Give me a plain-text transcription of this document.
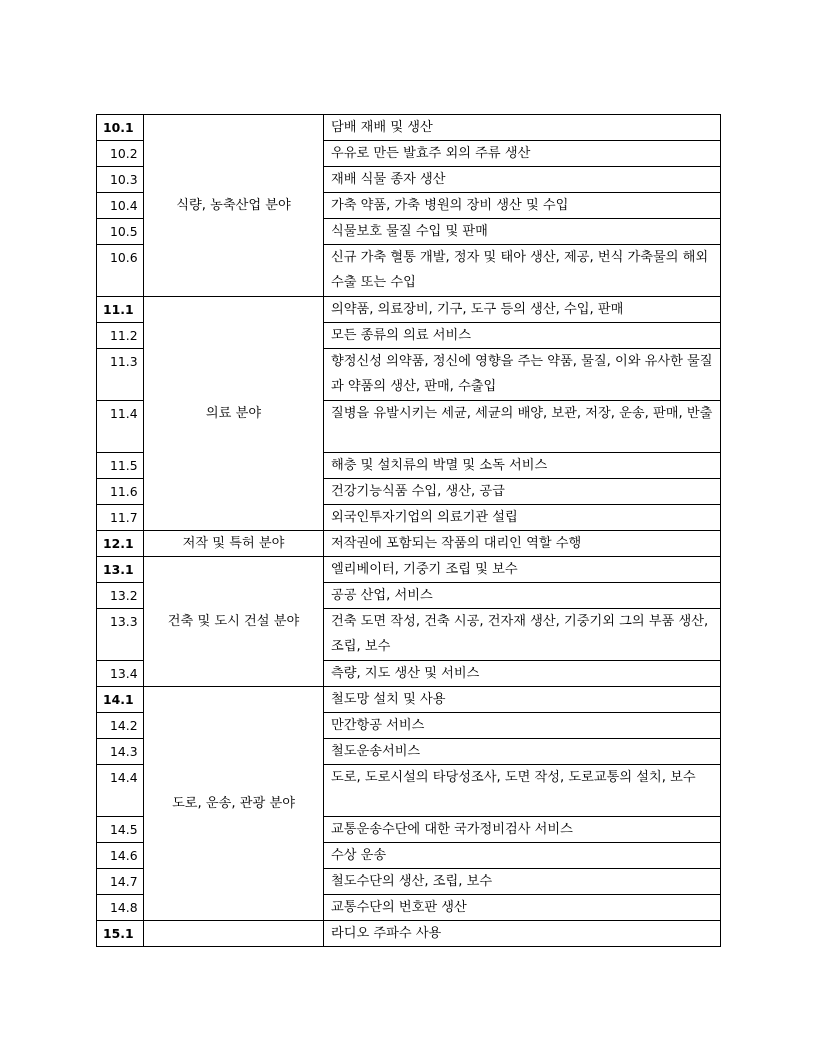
10.1	식량, 농축산업 분야	담배 재배 및 생산
10.2		우유로 만든 발효주 외의 주류 생산
10.3		재배 식물 종자 생산
10.4		가축 약품, 가축 병원의 장비 생산 및 수입
10.5		식물보호 물질 수입 및 판매
10.6		신규 가축 혈통 개발, 정자 및 태아 생산, 제공, 번식 가축물의 해외 수출 또는 수입
11.1	의료 분야	의약품, 의료장비, 기구, 도구 등의 생산, 수입, 판매
11.2		모든 종류의 의료 서비스
11.3		향정신성 의약품, 정신에 영향을 주는 약품, 물질, 이와 유사한 물질과 약품의 생산, 판매, 수출입
11.4		질병을 유발시키는 세균, 세균의 배양, 보관, 저장, 운송, 판매, 반출
11.5		해충 및 설치류의 박멸 및 소독 서비스
11.6		건강기능식품 수입, 생산, 공급
11.7		외국인투자기업의 의료기관 설립
12.1	저작 및 특허 분야	저작권에 포함되는 작품의 대리인 역할 수행
13.1	건축 및 도시 건설 분야	엘리베이터, 기중기 조립 및 보수
13.2		공공 산업, 서비스
13.3		건축 도면 작성, 건축 시공, 건자재 생산, 기중기외 그의 부품 생산, 조립, 보수
13.4		측량, 지도 생산 및 서비스
14.1	도로, 운송, 관광 분야	철도망 설치 및 사용
14.2		만간항공 서비스
14.3		철도운송서비스
14.4		도로, 도로시설의 타당성조사, 도면 작성, 도로교통의 설치, 보수
14.5		교통운송수단에 대한 국가정비검사 서비스
14.6		수상 운송
14.7		철도수단의 생산, 조립, 보수
14.8		교통수단의 번호판 생산
15.1		라디오 주파수 사용
